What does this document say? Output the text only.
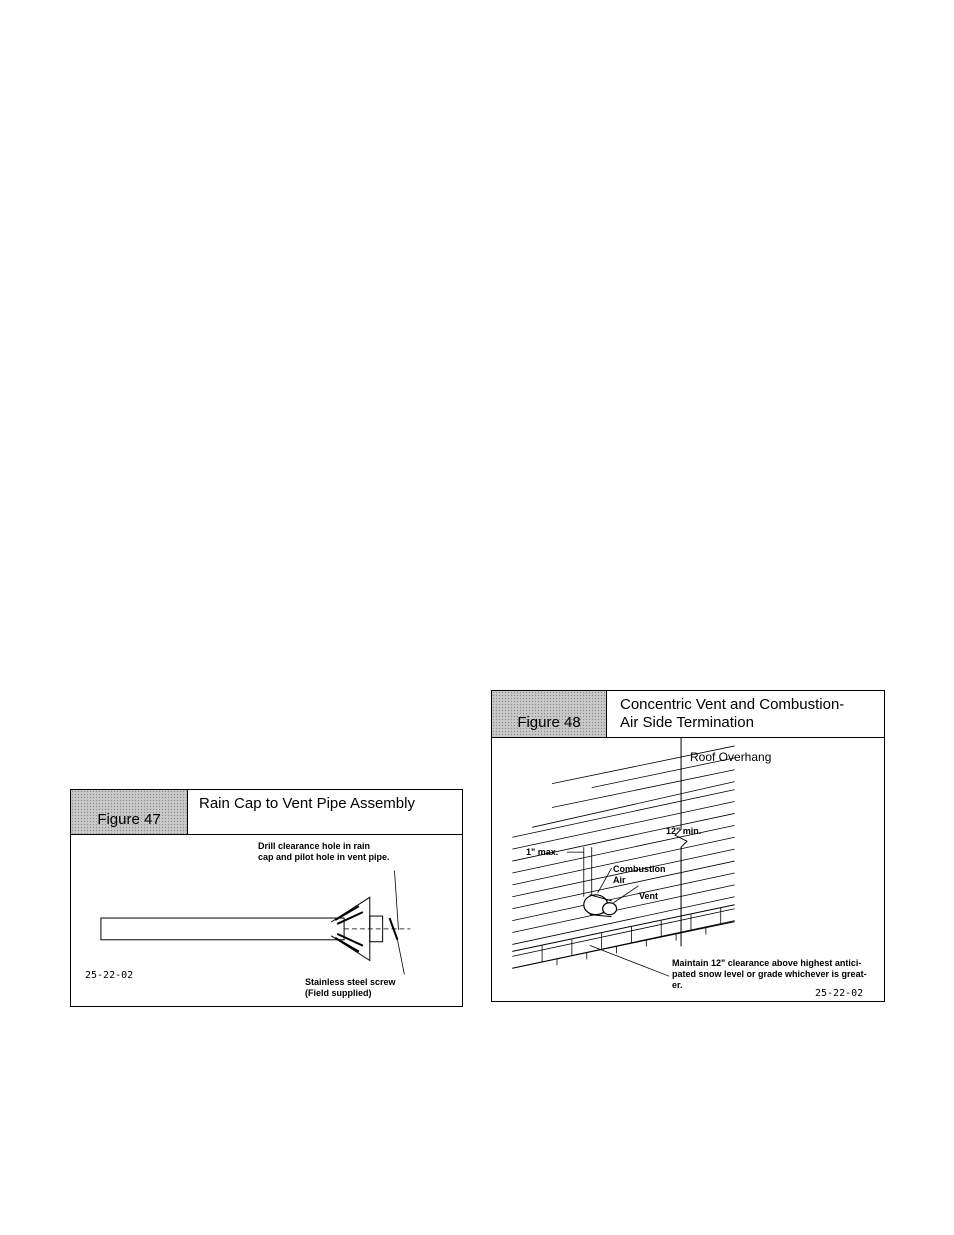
Figure 47
Rain Cap to Vent Pipe Assembly
Drill clearance hole in rain
cap and pilot hole in vent pipe.
25-22-02
Stainless steel screw
(Field supplied)
Figure 48
Concentric Vent and Combustion-
Air Side Termination
Roof Overhang
12" min.
1" max.
Combustion
Air
Vent
Maintain 12" clearance above highest antici-
pated snow level or grade whichever is great-
er.
25-22-02
